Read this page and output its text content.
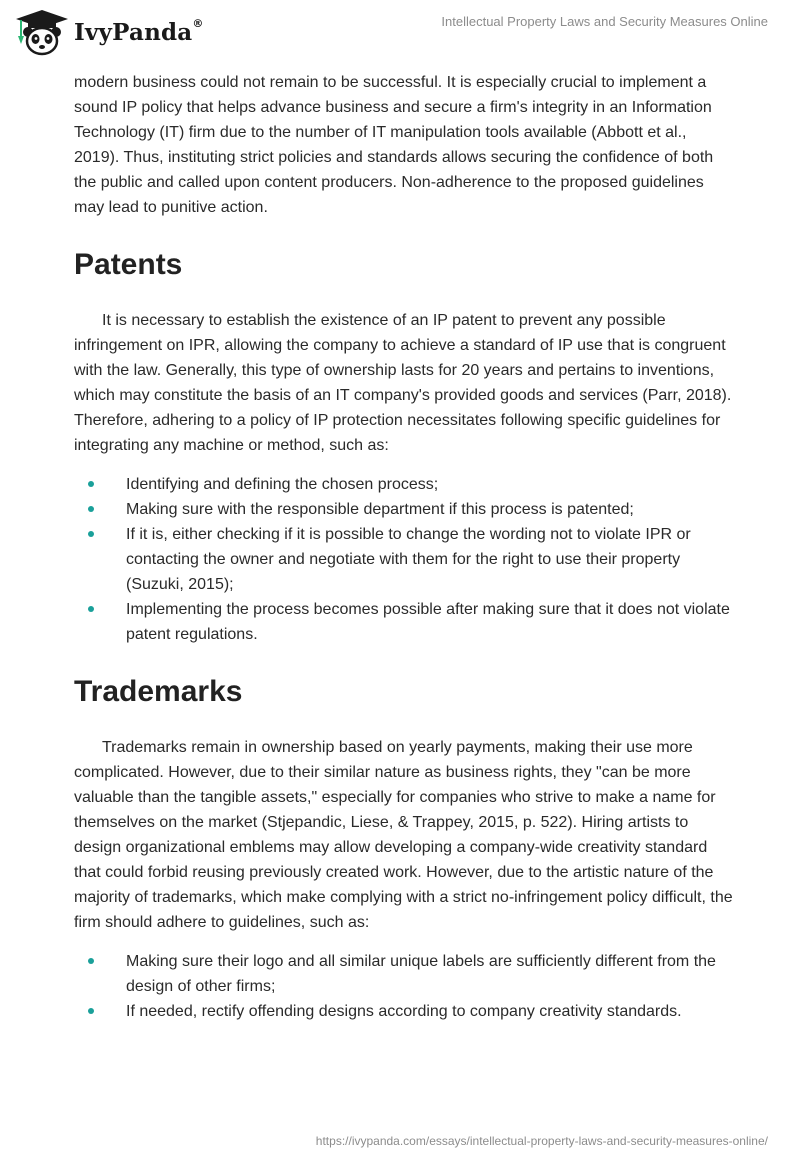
IvyPanda®	Intellectual Property Laws and Security Measures Online

modern business could not remain to be successful. It is especially crucial to implement a sound IP policy that helps advance business and secure a firm's integrity in an Information Technology (IT) firm due to the number of IT manipulation tools available (Abbott et al., 2019). Thus, instituting strict policies and standards allows securing the confidence of both the public and called upon content producers. Non-adherence to the proposed guidelines may lead to punitive action.

Patents

It is necessary to establish the existence of an IP patent to prevent any possible infringement on IPR, allowing the company to achieve a standard of IP use that is congruent with the law. Generally, this type of ownership lasts for 20 years and pertains to inventions, which may constitute the basis of an IT company's provided goods and services (Parr, 2018). Therefore, adhering to a policy of IP protection necessitates following specific guidelines for integrating any machine or method, such as:

Identifying and defining the chosen process;
Making sure with the responsible department if this process is patented;
If it is, either checking if it is possible to change the wording not to violate IPR or contacting the owner and negotiate with them for the right to use their property (Suzuki, 2015);
Implementing the process becomes possible after making sure that it does not violate patent regulations.
Trademarks

Trademarks remain in ownership based on yearly payments, making their use more complicated. However, due to their similar nature as business rights, they "can be more valuable than the tangible assets," especially for companies who strive to make a name for themselves on the market (Stjepandic, Liese, & Trappey, 2015, p. 522). Hiring artists to design organizational emblems may allow developing a company-wide creativity standard that could forbid reusing previously created work. However, due to the artistic nature of the majority of trademarks, which make complying with a strict no-infringement policy difficult, the firm should adhere to guidelines, such as:

Making sure their logo and all similar unique labels are sufficiently different from the design of other firms;
If needed, rectify offending designs according to company creativity standards.
https://ivypanda.com/essays/intellectual-property-laws-and-security-measures-online/
